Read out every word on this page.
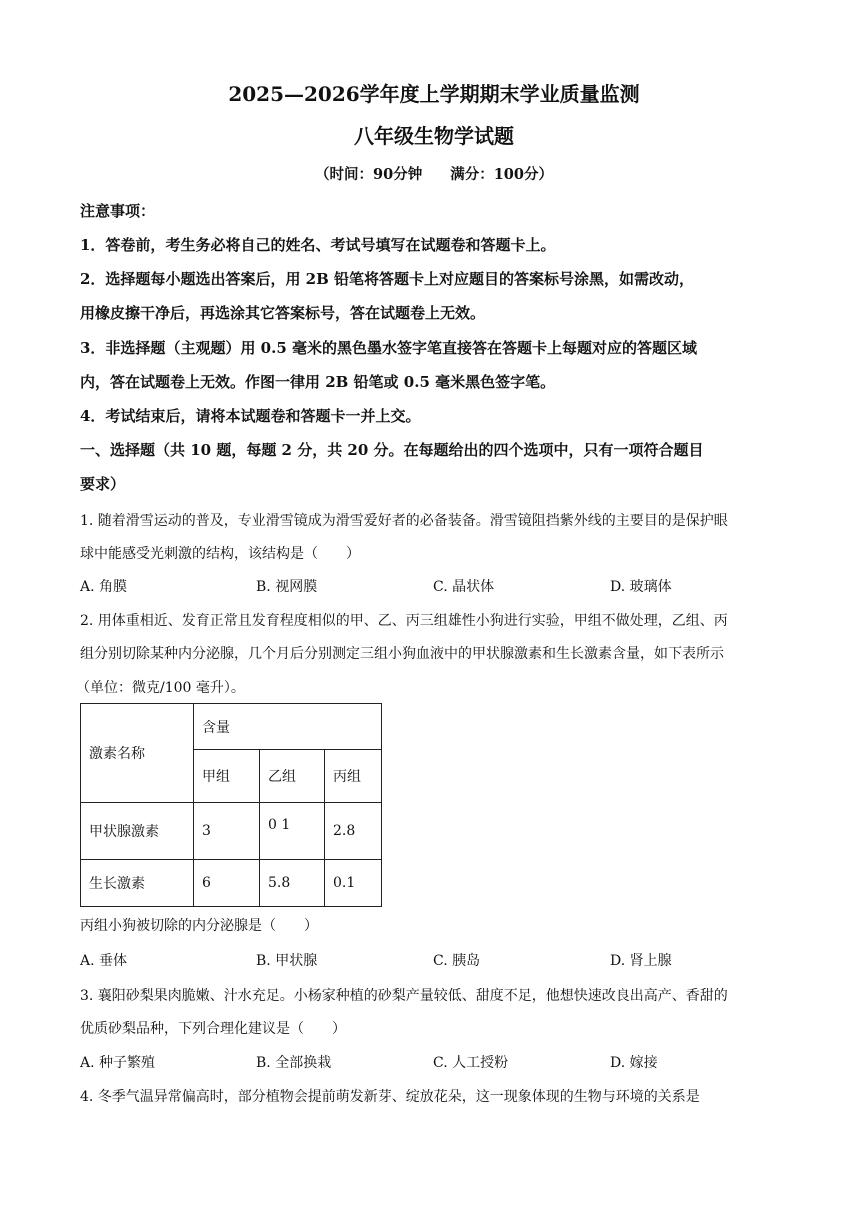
2025—2026学年度上学期期末学业质量监测
八年级生物学试题
（时间：90分钟 满分：100分）
注意事项：
1．答卷前，考生务必将自己的姓名、考试号填写在试题卷和答题卡上。
2．选择题每小题选出答案后，用 2B 铅笔将答题卡上对应题目的答案标号涂黑，如需改动，
用橡皮擦干净后，再选涂其它答案标号，答在试题卷上无效。
3．非选择题（主观题）用 0.5 毫米的黑色墨水签字笔直接答在答题卡上每题对应的答题区域
内，答在试题卷上无效。作图一律用 2B 铅笔或 0.5 毫米黑色签字笔。
4．考试结束后，请将本试题卷和答题卡一并上交。
一、选择题（共 10 题，每题 2 分，共 20 分。在每题给出的四个选项中，只有一项符合题目
要求）
1. 随着滑雪运动的普及，专业滑雪镜成为滑雪爱好者的必备装备。滑雪镜阻挡紫外线的主要目的是保护眼
球中能感受光刺激的结构，该结构是（　　）
A. 角膜	B. 视网膜	C. 晶状体	D. 玻璃体
2. 用体重相近、发育正常且发育程度相似的甲、乙、丙三组雄性小狗进行实验，甲组不做处理，乙组、丙
组分别切除某种内分泌腺，几个月后分别测定三组小狗血液中的甲状腺激素和生长激素含量，如下表所示
（单位：微克/100 毫升）。
激素名称	含量		
	甲组	乙组	丙组
甲状腺激素	3	0 1	2.8
生长激素	6	5.8	0.1
丙组小狗被切除的内分泌腺是（　　）
A. 垂体	B. 甲状腺	C. 胰岛	D. 肾上腺
3. 襄阳砂梨果肉脆嫩、汁水充足。小杨家种植的砂梨产量较低、甜度不足，他想快速改良出高产、香甜的
优质砂梨品种，下列合理化建议是（　　）
A. 种子繁殖	B. 全部换栽	C. 人工授粉	D. 嫁接
4. 冬季气温异常偏高时，部分植物会提前萌发新芽、绽放花朵，这一现象体现的生物与环境的关系是
